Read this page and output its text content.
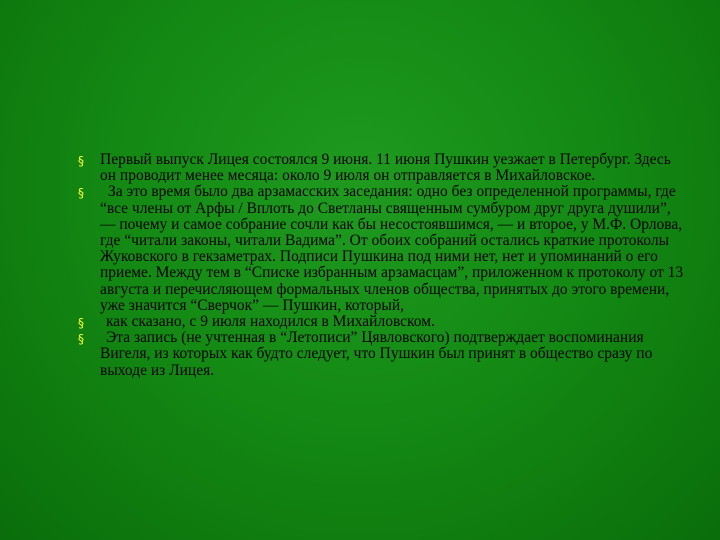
§ Первый выпуск Лицея состоялся 9 июня. 11 июня Пушкин уезжает в Петербург. Здесь он проводит менее месяца: около 9 июля он отправляется в Михайловское.
§	За это время было два арзамасских заседания: одно без определенной программы, где “все члены от Арфы / Вплоть до Светланы священным сумбуром друг друга душили”, — почему и самое собрание сочли как бы несостоявшимся, — и второе, у М.Ф. Орлова, где “читали законы, читали Вадима”. От обоих собраний остались краткие протоколы Жуковского в гекзаметрах. Подписи Пушкина под ними нет, нет и упоминаний о его приеме. Между тем в “Списке избранным арзамасцам”, приложенном к протоколу от 13 августа и перечисляющем формальных членов общества, принятых до этого времени, уже значится “Сверчок” — Пушкин, который,
§	как сказано, с 9 июля находился в Михайловском.
§	Эта запись (не учтенная в “Летописи” Цявловского) подтверждает воспоминания Вигеля, из которых как будто следует, что Пушкин был принят в общество сразу по выходе из Лицея.
